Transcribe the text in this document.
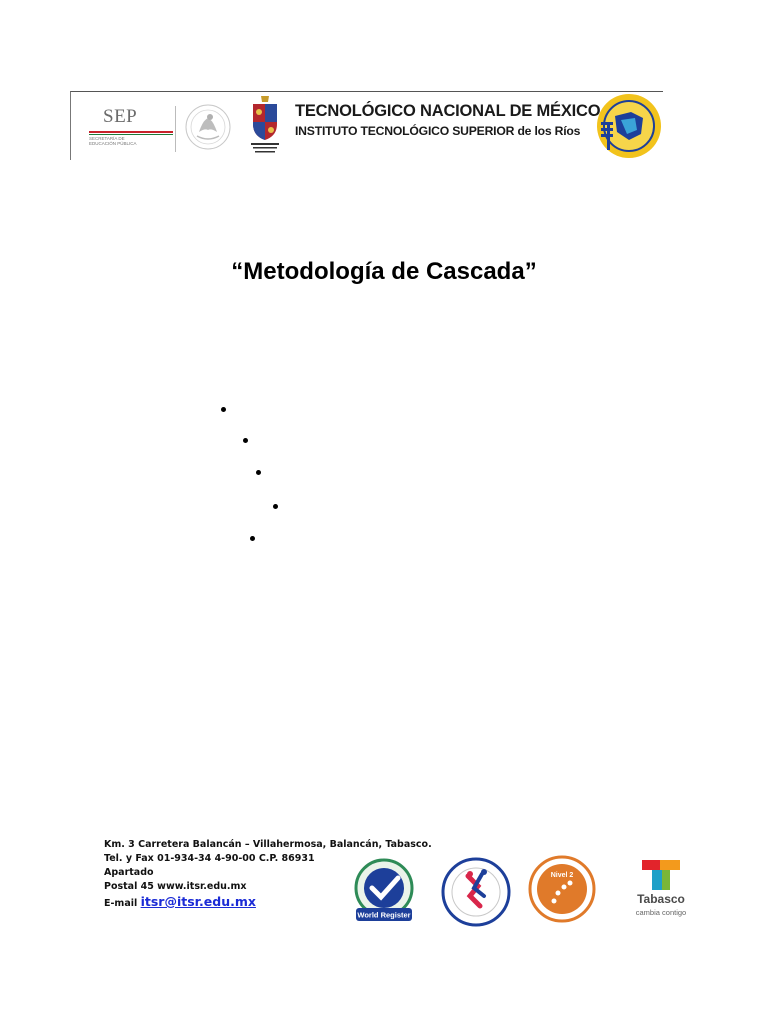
SEP
SECRETARÍA DE EDUCACIÓN PÚBLICA
TECNOLÓGICO NACIONAL DE MÉXICO
INSTITUTO TECNOLÓGICO SUPERIOR de los Ríos
“Metodología de Cascada”
Km. 3 Carretera Balancán – Villahermosa, Balancán, Tabasco.
Tel. y Fax 01-934-34 4-90-00 C.P. 86931
Apartado
Postal 45 www.itsr.edu.mx
E-mail itsr@itsr.edu.mx
World Register
Nivel 2
Tabasco
cambia contigo
